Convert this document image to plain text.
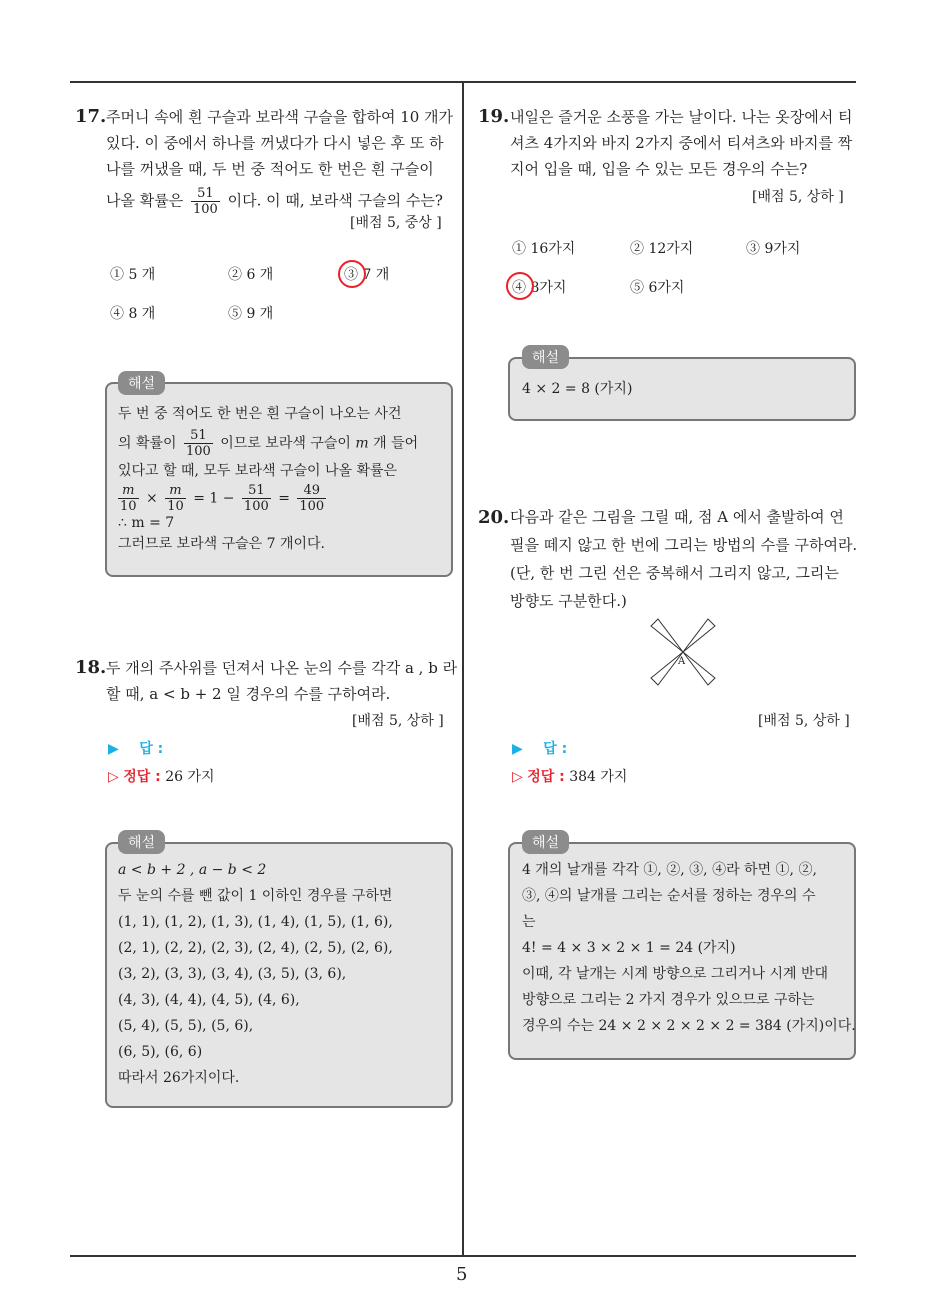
5
17. 주머니 속에 흰 구슬과 보라색 구슬을 합하여 10 개가
있다. 이 중에서 하나를 꺼냈다가 다시 넣은 후 또 하
나를 꺼냈을 때, 두 번 중 적어도 한 번은 흰 구슬이
나올 확률은 $\frac{51}{100}$ 이다. 이 때, 보라색 구슬의 수는?
[배점 5, 중상 ]
① 5 개	② 6 개	③ 7 개
④ 8 개	⑤ 9 개
해설
두 번 중 적어도 한 번은 흰 구슬이 나오는 사건
의 확률이 $\frac{51}{100}$ 이므로 보라색 구슬이 m 개 들어
있다고 할 때, 모두 보라색 구슬이 나올 확률은
$\frac{m}{10} \times \frac{m}{10} = 1 - \frac{51}{100} = \frac{49}{100}$
∴ m = 7
그러므로 보라색 구슬은 7 개이다.
18. 두 개의 주사위를 던져서 나온 눈의 수를 각각 a , b 라
할 때, a < b + 2 일 경우의 수를 구하여라.
[배점 5, 상하 ]
▶ 답 :
▷ 정답 : 26 가지
해설
a < b + 2 , a − b < 2
두 눈의 수를 뺀 값이 1 이하인 경우를 구하면
(1, 1), (1, 2), (1, 3), (1, 4), (1, 5), (1, 6),
(2, 1), (2, 2), (2, 3), (2, 4), (2, 5), (2, 6),
(3, 2), (3, 3), (3, 4), (3, 5), (3, 6),
(4, 3), (4, 4), (4, 5), (4, 6),
(5, 4), (5, 5), (5, 6),
(6, 5), (6, 6)
따라서 26가지이다.
19. 내일은 즐거운 소풍을 가는 날이다. 나는 옷장에서 티
셔츠 4가지와 바지 2가지 중에서 티셔츠와 바지를 짝
지어 입을 때, 입을 수 있는 모든 경우의 수는?
[배점 5, 상하 ]
① 16가지	② 12가지	③ 9가지
④ 8가지	⑤ 6가지
해설
4 × 2 = 8 (가지)
20. 다음과 같은 그림을 그릴 때, 점 A 에서 출발하여 연
필을 떼지 않고 한 번에 그리는 방법의 수를 구하여라.
(단, 한 번 그린 선은 중복해서 그리지 않고, 그리는
방향도 구분한다.)
A
[배점 5, 상하 ]
▶ 답 :
▷ 정답 : 384 가지
해설
4 개의 날개를 각각 ①, ②, ③, ④라 하면 ①, ②,
③, ④의 날개를 그리는 순서를 정하는 경우의 수
는
4! = 4 × 3 × 2 × 1 = 24 (가지)
이때, 각 날개는 시계 방향으로 그리거나 시계 반대
방향으로 그리는 2 가지 경우가 있으므로 구하는
경우의 수는 24 × 2 × 2 × 2 × 2 = 384 (가지)이다.
